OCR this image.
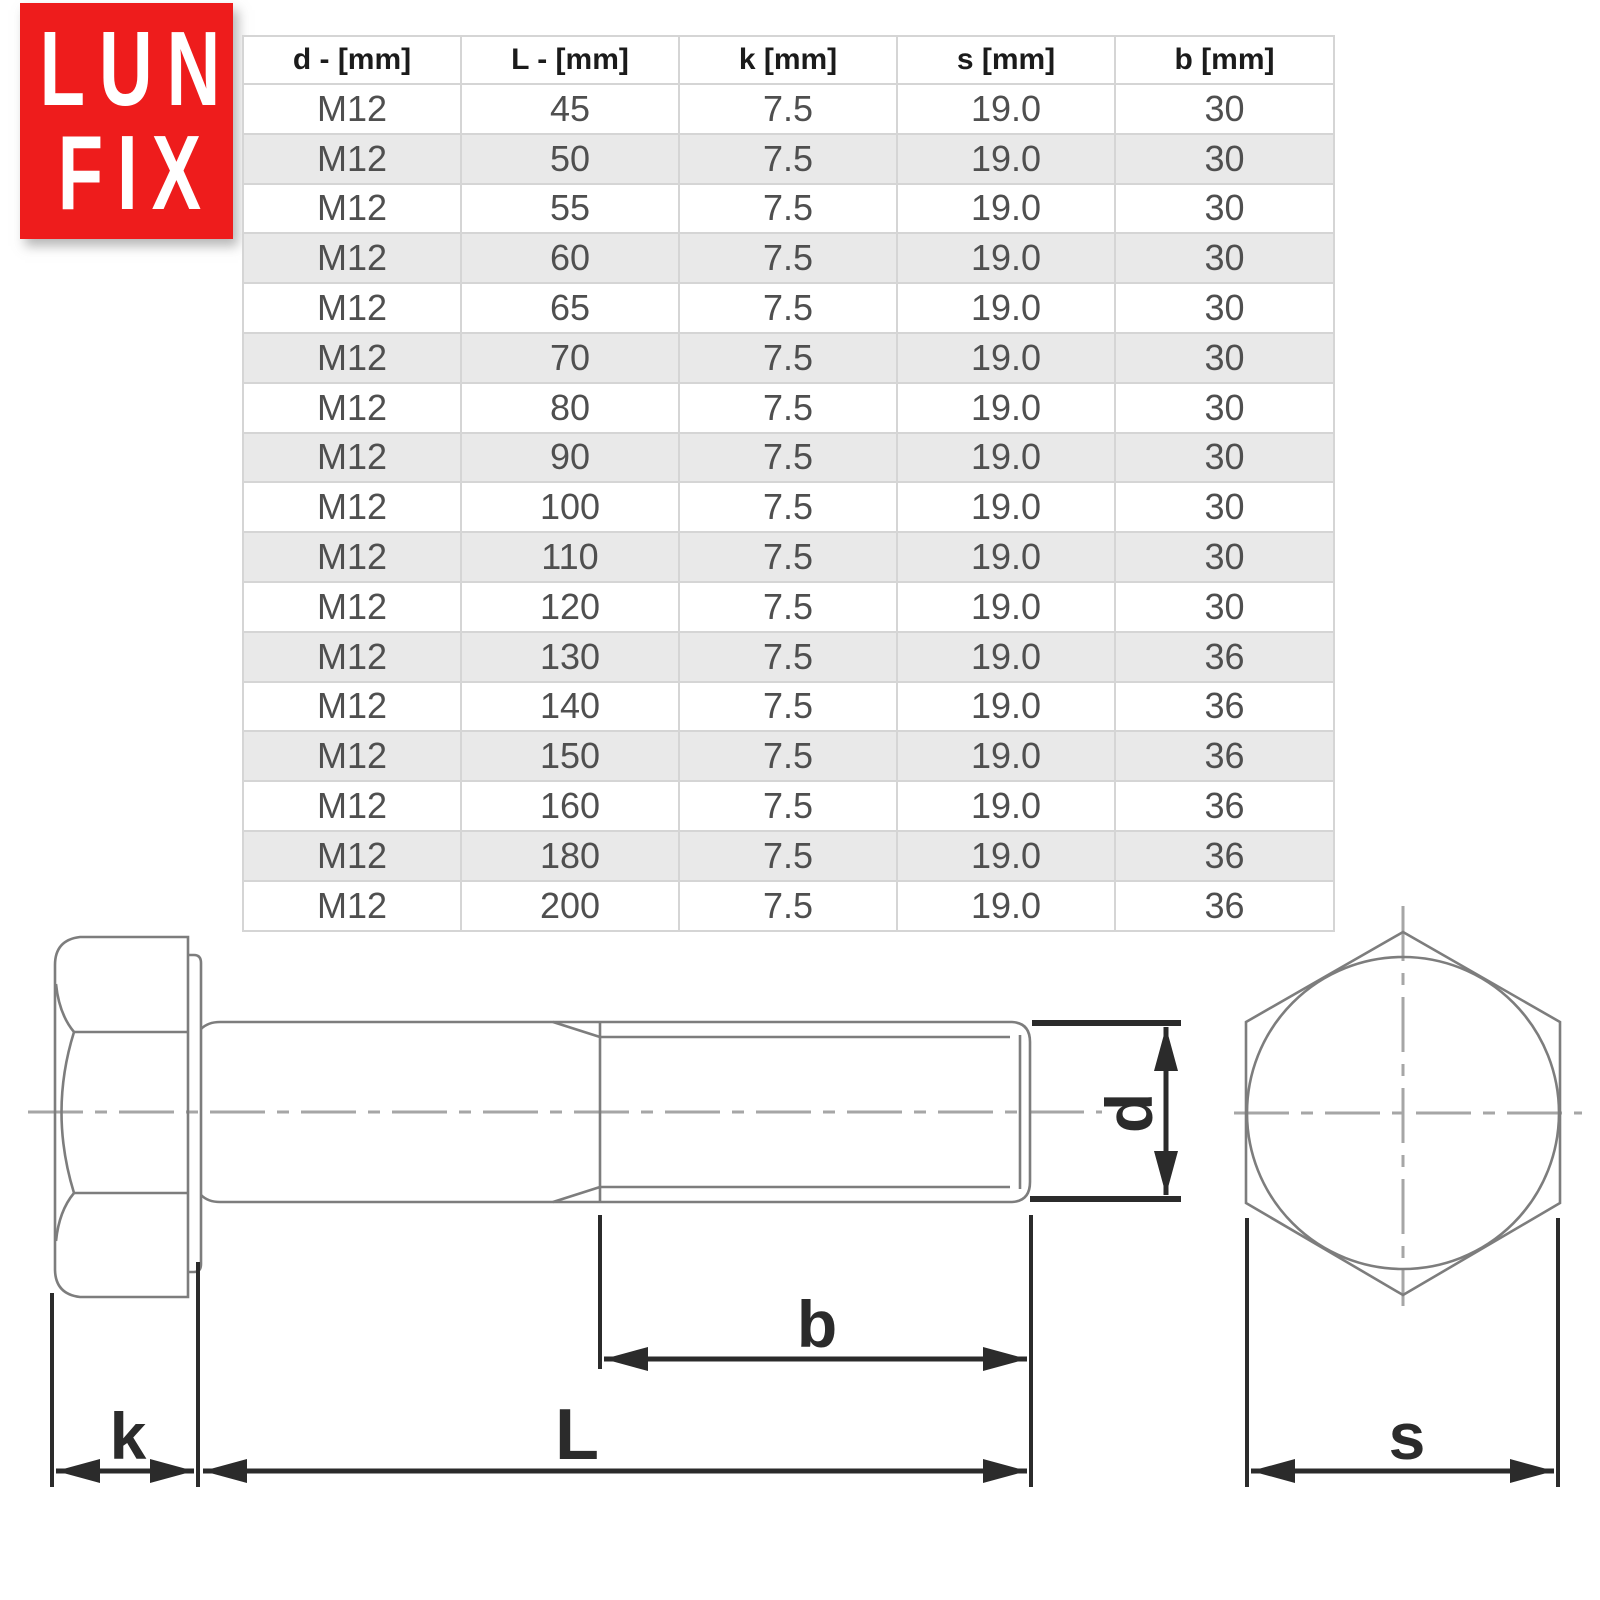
LUN
FIX
d - [mm]	L - [mm]	k [mm]	s [mm]	b [mm]
M12	45	7.5	19.0	30
M12	50	7.5	19.0	30
M12	55	7.5	19.0	30
M12	60	7.5	19.0	30
M12	65	7.5	19.0	30
M12	70	7.5	19.0	30
M12	80	7.5	19.0	30
M12	90	7.5	19.0	30
M12	100	7.5	19.0	30
M12	110	7.5	19.0	30
M12	120	7.5	19.0	30
M12	130	7.5	19.0	36
M12	140	7.5	19.0	36
M12	150	7.5	19.0	36
M12	160	7.5	19.0	36
M12	180	7.5	19.0	36
M12	200	7.5	19.0	36
k	L
b
d
s
